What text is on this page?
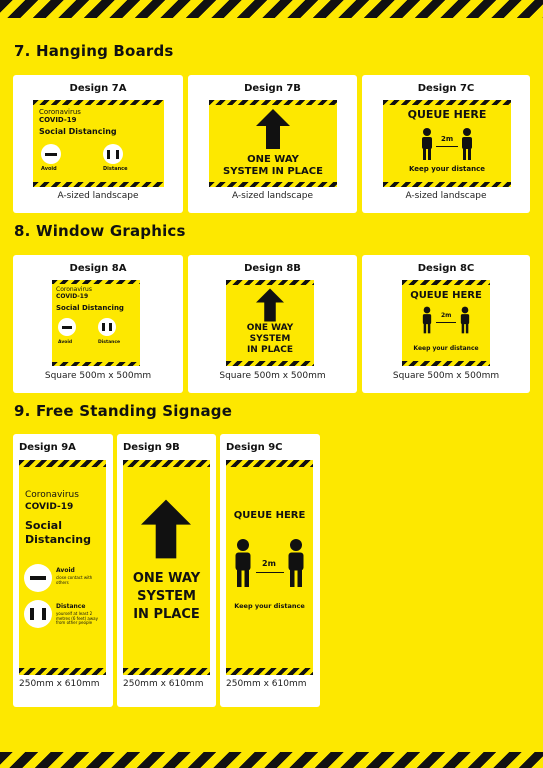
7. Hanging Boards
Design 7A
Coronavirus
COVID-19
Social Distancing
Avoid	Distance
A-sized landscape
Design 7B
ONE WAY
SYSTEM IN PLACE
A-sized landscape
Design 7C
QUEUE HERE
2m
Keep your distance
A-sized landscape
8. Window Graphics
Design 8A
Coronavirus
COVID-19
Social Distancing
Avoid	Distance
Square 500m x 500mm
Design 8B
ONE WAY
SYSTEM
IN PLACE
Square 500m x 500mm
Design 8C
QUEUE HERE
2m
Keep your distance
Square 500m x 500mm
9. Free Standing Signage
Design 9A
Coronavirus
COVID-19
Social
Distancing
Avoid
close contact with others
Distance
yourself at least 2 metres (6 feet) away from other people
250mm x 610mm
Design 9B
ONE WAY
SYSTEM
IN PLACE
250mm x 610mm
Design 9C
QUEUE HERE
2m
Keep your distance
250mm x 610mm
